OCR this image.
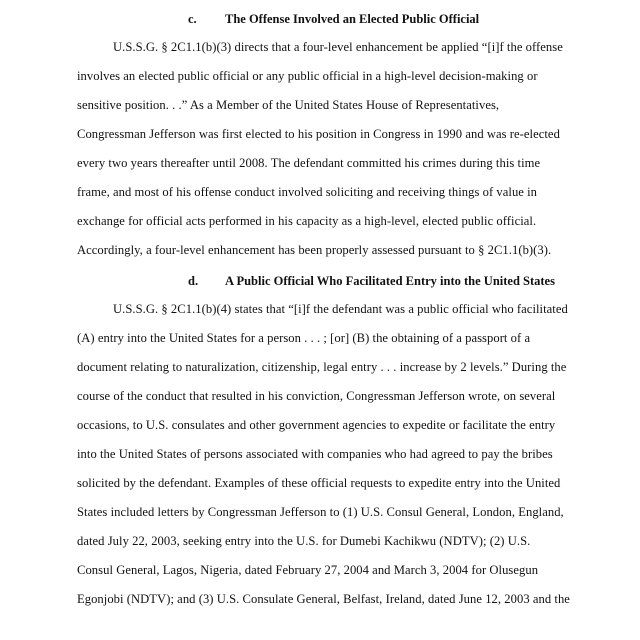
c. The Offense Involved an Elected Public Official
U.S.S.G. § 2C1.1(b)(3) directs that a four-level enhancement be applied “[i]f the offense
involves an elected public official or any public official in a high-level decision-making or
sensitive position. . .” As a Member of the United States House of Representatives,
Congressman Jefferson was first elected to his position in Congress in 1990 and was re-elected
every two years thereafter until 2008. The defendant committed his crimes during this time
frame, and most of his offense conduct involved soliciting and receiving things of value in
exchange for official acts performed in his capacity as a high-level, elected public official.
Accordingly, a four-level enhancement has been properly assessed pursuant to § 2C1.1(b)(3).
d. A Public Official Who Facilitated Entry into the United States
U.S.S.G. § 2C1.1(b)(4) states that “[i]f the defendant was a public official who facilitated
(A) entry into the United States for a person . . . ; [or] (B) the obtaining of a passport of a
document relating to naturalization, citizenship, legal entry . . . increase by 2 levels.” During the
course of the conduct that resulted in his conviction, Congressman Jefferson wrote, on several
occasions, to U.S. consulates and other government agencies to expedite or facilitate the entry
into the United States of persons associated with companies who had agreed to pay the bribes
solicited by the defendant. Examples of these official requests to expedite entry into the United
States included letters by Congressman Jefferson to (1) U.S. Consul General, London, England,
dated July 22, 2003, seeking entry into the U.S. for Dumebi Kachikwu (NDTV); (2) U.S.
Consul General, Lagos, Nigeria, dated February 27, 2004 and March 3, 2004 for Olusegun
Egonjobi (NDTV); and (3) U.S. Consulate General, Belfast, Ireland, dated June 12, 2003 and the
